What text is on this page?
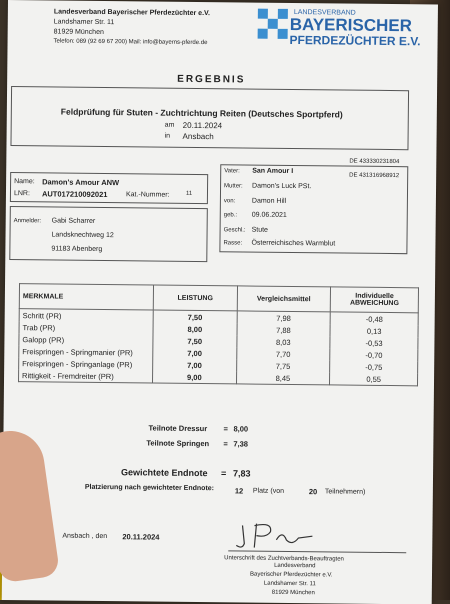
Landesverband Bayerischer Pferdezüchter e.V.
Landshamer Str. 11
81929 München
Telefon: 089 (92 69 67 200) Mail: info@bayerns-pferde.de
LANDESVERBAND
BAYERISCHER
PFERDEZÜCHTER E.V.
ERGEBNIS
Feldprüfung für Stuten - Zuchtrichtung Reiten (Deutsches Sportpferd)
am 20.11.2024
in Ansbach
Name: Damon's Amour ANW
LNR: AUT017210092021	Kat.-Nummer:	11
Vater: San Amour I
DE 433330231804
Mutter: Damon's Luck PSt.
DE 431316968912
von: Damon Hill
geb.: 09.06.2021
Geschl.: Stute
Rasse: Österreichisches Warmblut
Anmelder: Gabi Scharrer
Landsknechtweg 12
91183 Abenberg
MERKMALE	LEISTUNG	Vergleichsmittel	Individuelle ABWEICHUNG
Schritt (PR)	7,50	7,98	-0,48
Trab (PR)	8,00	7,88	0,13
Galopp (PR)	7,50	8,03	-0,53
Freispringen - Springmanier (PR)	7,00	7,70	-0,70
Freispringen - Springanlage (PR)	7,00	7,75	-0,75
Rittigkeit - Fremdreiter (PR)	9,00	8,45	0,55
Teilnote Dressur = 8,00
Teilnote Springen = 7,38
Gewichtete Endnote = 7,83
Platzierung nach gewichteter Endnote:	12 Platz (von	20 Teilnehmern)
Ansbach , den 20.11.2024
Unterschrift des Zuchtverbands-Beauftragten
Landesverband
Bayerischer Pferdezüchter e.V.
Landshamer Str. 11
81929 München
